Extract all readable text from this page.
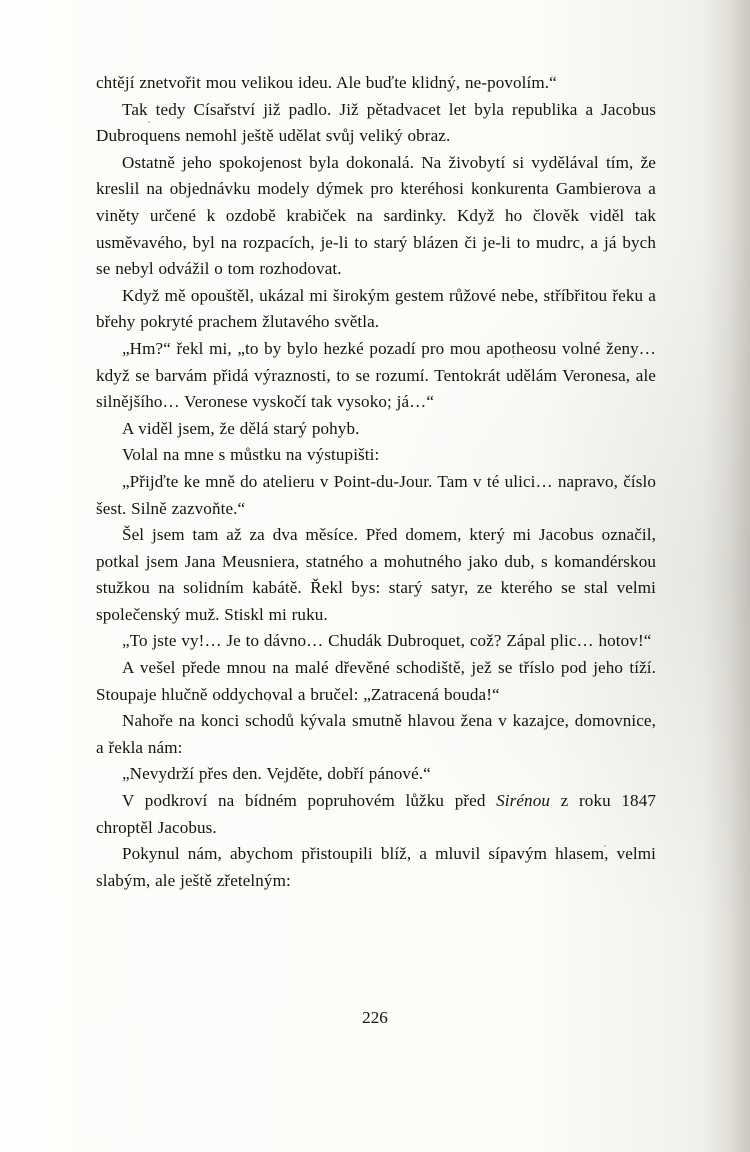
chtějí znetvořit mou velikou ideu. Ale buďte klidný, ne-povolím.“

Tak tedy Císařství již padlo. Již pětadvacet let byla republika a Jacobus Dubroquens nemohl ještě udělat svůj veliký obraz.

Ostatně jeho spokojenost byla dokonalá. Na živobytí si vydělával tím, že kreslil na objednávku modely dýmek pro kteréhosi konkurenta Gambierova a viněty určené k ozdobě krabiček na sardinky. Když ho člověk viděl tak usměvavého, byl na rozpacích, je-li to starý blázen či je-li to mudrc, a já bych se nebyl odvážil o tom rozhodovat.

Když mě opouštěl, ukázal mi širokým gestem růžové nebe, stříbřitou řeku a břehy pokryté prachem žlutavého světla.

„Hm?“ řekl mi, „to by bylo hezké pozadí pro mou apotheosu volné ženy… když se barvám přidá výraznosti, to se rozumí. Tentokrát udělám Veronesa, ale silnějšího… Veronese vyskočí tak vysoko; já…“

A viděl jsem, že dělá starý pohyb.

Volal na mne s můstku na výstupišti:

„Přijďte ke mně do atelieru v Point-du-Jour. Tam v té ulici… napravo, číslo šest. Silně zazvoňte.“

Šel jsem tam až za dva měsíce. Před domem, který mi Jacobus označil, potkal jsem Jana Meusniera, statného a mohutného jako dub, s komandérskou stužkou na solidním kabátě. Řekl bys: starý satyr, ze kterého se stal velmi společenský muž. Stiskl mi ruku.

„To jste vy!… Je to dávno… Chudák Dubroquet, což? Zápal plic… hotov!“

A vešel přede mnou na malé dřevěné schodiště, jež se tříslo pod jeho tíží. Stoupaje hlučně oddychoval a bručel: „Zatracená bouda!“

Nahoře na konci schodů kývala smutně hlavou žena v kazajce, domovnice, a řekla nám:

„Nevydrží přes den. Vejděte, dobří pánové.“

V podkroví na bídném popruhovém lůžku před Sirénou z roku 1847 chroptěl Jacobus.

Pokynul nám, abychom přistoupili blíž, a mluvil sípavým hlasem, velmi slabým, ale ještě zřetelným:

226
